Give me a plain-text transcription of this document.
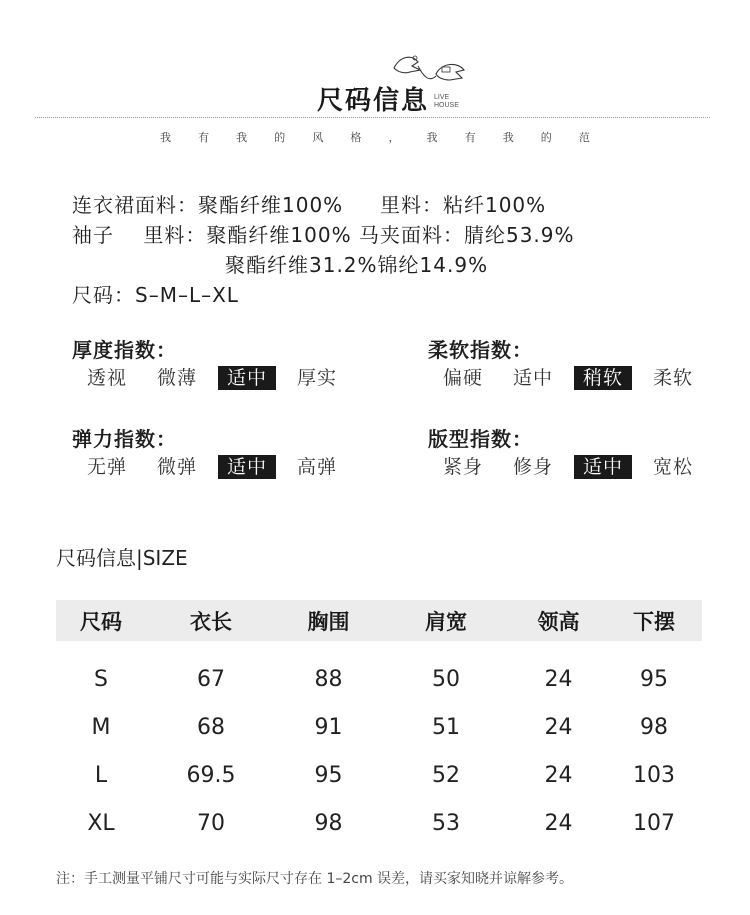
尺码信息 LIVE
HOUSE
我 有 我 的 风 格 ， 我 有 我 的 范
连衣裙面料：聚酯纤维100%     里料：粘纤100%
袖子    里料：聚酯纤维100% 马夹面料：腈纶53.9%
聚酯纤维31.2%锦纶14.9%
尺码：S–M–L–XL
厚度指数：
透视	微薄	适中	厚实
柔软指数：
偏硬	适中	稍软	柔软
弹力指数：
无弹	微弹	适中	高弹
版型指数：
紧身	修身	适中	宽松
尺码信息|SIZE
尺码	衣长	胸围	肩宽	领高	下摆
S	67	88	50	24	95
M	68	91	51	24	98
L	69.5	95	52	24	103
XL	70	98	53	24	107
注：手工测量平铺尺寸可能与实际尺寸存在 1–2cm 误差，请买家知晓并谅解参考。
